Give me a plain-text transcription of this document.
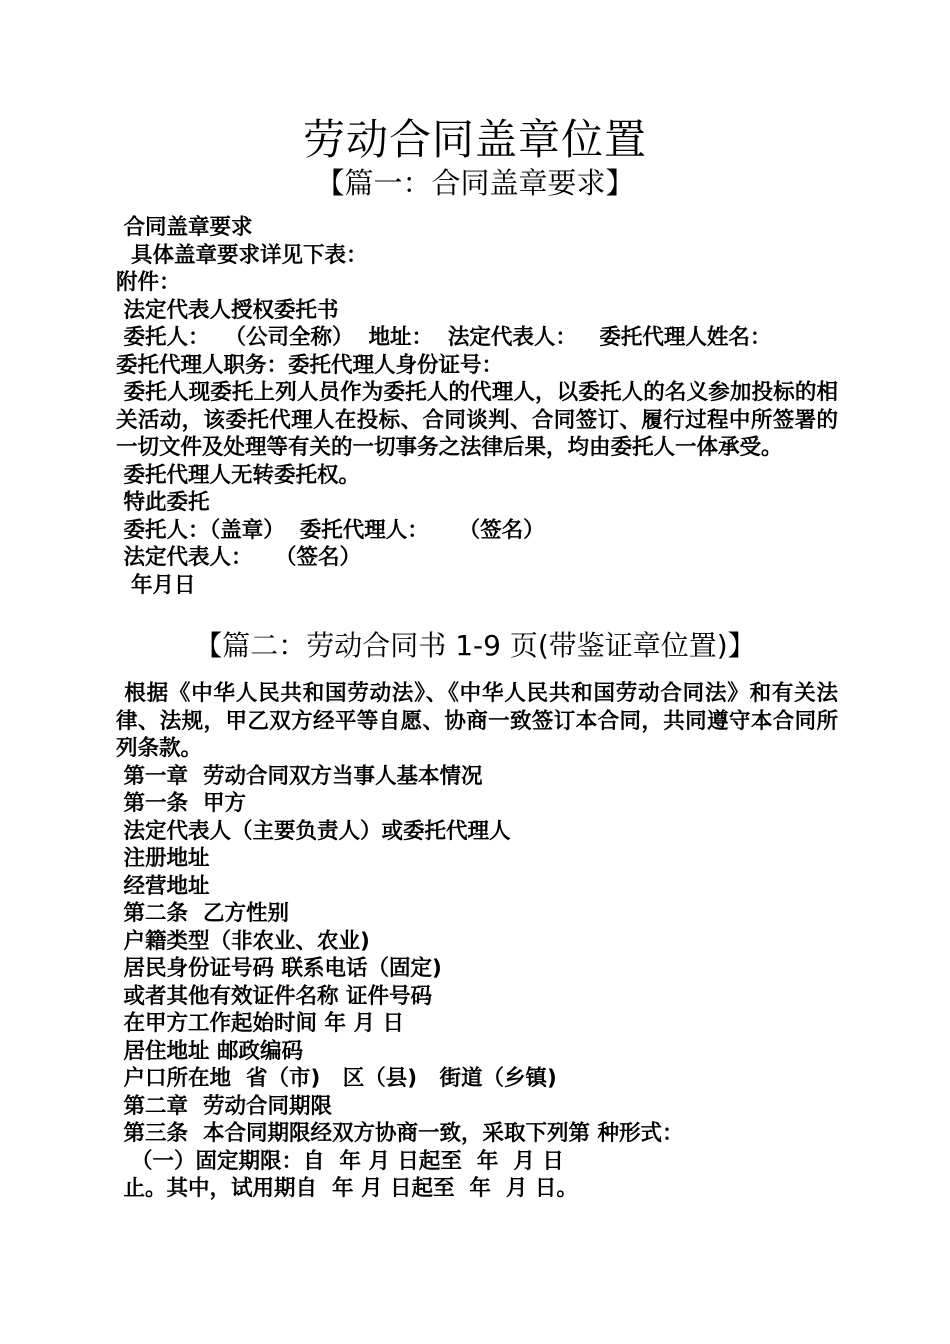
劳动合同盖章位置
【篇一：合同盖章要求】

合同盖章要求

具体盖章要求详见下表：

附件：

法定代表人授权委托书

委托人：  （公司全称）  地址：  法定代表人：   委托代理人姓名：

委托代理人职务：委托代理人身份证号：

委托人现委托上列人员作为委托人的代理人，以委托人的名义参加投标的相关活动，该委托代理人在投标、合同谈判、合同签订、履行过程中所签署的一切文件及处理等有关的一切事务之法律后果，均由委托人一体承受。

委托代理人无转委托权。

特此委托

委托人：（盖章）  委托代理人：    （签名）

法定代表人：   （签名）

年月日

【篇二：劳动合同书 1-9 页(带鉴证章位置)】

根据《中华人民共和国劳动法》、《中华人民共和国劳动合同法》和有关法律、法规，甲乙双方经平等自愿、协商一致签订本合同，共同遵守本合同所列条款。

第一章  劳动合同双方当事人基本情况

第一条  甲方

法定代表人（主要负责人）或委托代理人

注册地址

经营地址

第二条  乙方性别

户籍类型（非农业、农业)

居民身份证号码 联系电话（固定)

或者其他有效证件名称 证件号码

在甲方工作起始时间 年 月 日

居住地址 邮政编码

户口所在地  省（市)   区（县)   街道（乡镇)

第二章  劳动合同期限

第三条  本合同期限经双方协商一致，采取下列第 种形式：

（一）固定期限：自  年 月 日起至  年  月 日

止。其中，试用期自  年 月 日起至  年  月 日。
